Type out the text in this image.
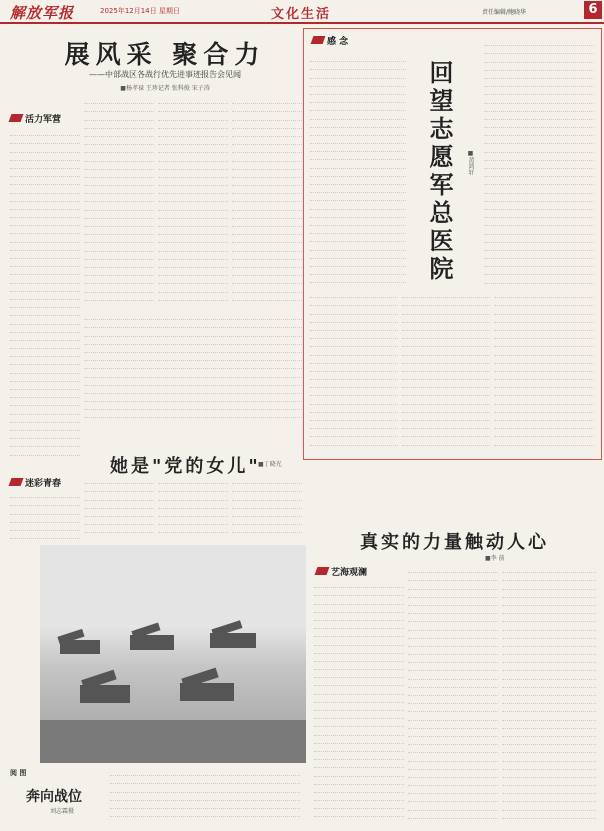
解放军报	2025年12月14日 星期日	文化生活	责任编辑/鲍晓华	6
展风采 聚合力
——中部战区各战行优先进事迹报告会见闻
■杨孝禄 王珍记者 张科俊 宋子涛
活力军营
感 念
回望志愿军总医院 ■黄鸿轩
她是"党的女儿"
■丁晓光
迷彩青春
真实的力量触动人心
■李 前
艺海观澜
阅 图
奔向战位
刘志霖摄
